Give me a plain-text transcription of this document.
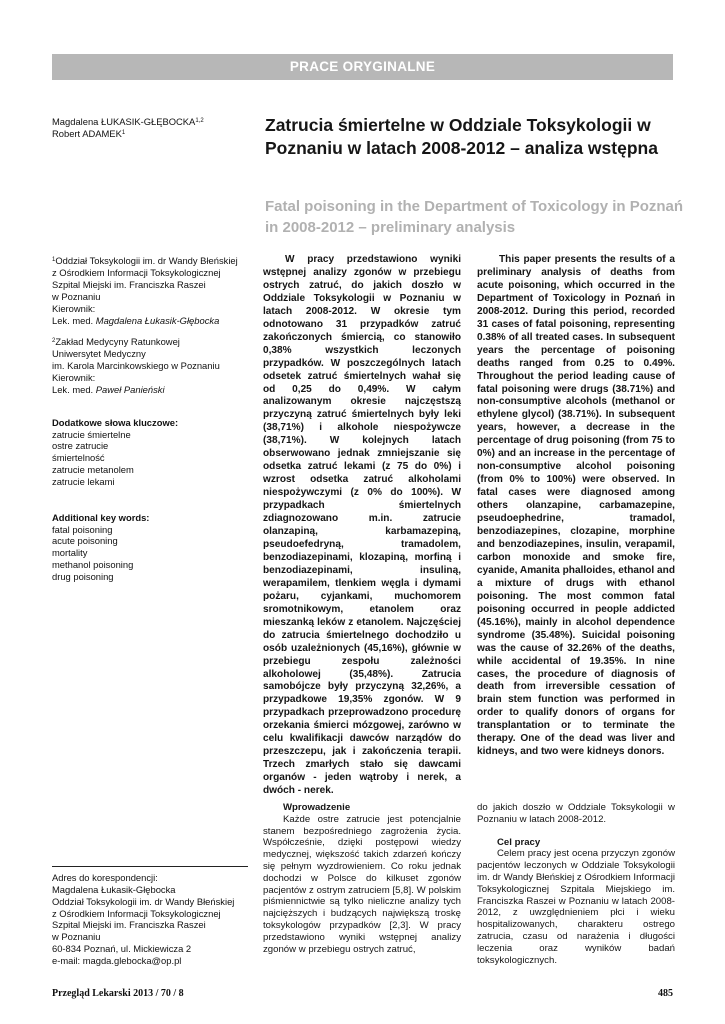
PRACE ORYGINALNE
Magdalena ŁUKASIK-GŁĘBOCKA$^{1,2}$
Robert ADAMEK$^1$	Zatrucia śmiertelne w Oddziale Toksykologii w Poznaniu w latach 2008-2012 – analiza wstępna
Fatal poisoning in the Department of Toxicology in Poznań in 2008-2012 – preliminary analysis
$^1$Oddział Toksykologii im. dr Wandy Błeńskiej
z Ośrodkiem Informacji Toksykologicznej
Szpital Miejski im. Franciszka Raszei
w Poznaniu
Kierownik:
Lek. med. Magdalena Łukasik-Głębocka
$^2$Zakład Medycyny Ratunkowej
Uniwersytet Medyczny
im. Karola Marcinkowskiego w Poznaniu
Kierownik:
Lek. med. Paweł Panieński
Dodatkowe słowa kluczowe:
zatrucie śmiertelne
ostre zatrucie
śmiertelność
zatrucie metanolem
zatrucie lekami
Additional key words:
fatal poisoning
acute poisoning
mortality
methanol poisoning
drug poisoning

W pracy przedstawiono wyniki wstępnej analizy zgonów w przebiegu ostrych zatruć, do jakich doszło w Oddziale Toksykologii w Poznaniu w latach 2008-2012. W okresie tym odnotowano 31 przypadków zatruć zakończonych śmiercią, co stanowiło 0,38% wszystkich leczonych przypadków. W poszczególnych latach odsetek zatruć śmiertelnych wahał się od 0,25 do 0,49%. W całym analizowanym okresie najczęstszą przyczyną zatruć śmiertelnych były leki (38,71%) i alkohole niespożywcze (38,71%). W kolejnych latach obserwowano jednak zmniejszanie się odsetka zatruć lekami (z 75 do 0%) i wzrost odsetka zatruć alkoholami niespożywczymi (z 0% do 100%). W przypadkach śmiertelnych zdiagnozowano m.in. zatrucie olanzapiną, karbamazepiną, pseudoefedryną, tramadolem, benzodiazepinami, klozapiną, morfiną i benzodiazepinami, insuliną, werapamilem, tlenkiem węgla i dymami pożaru, cyjankami, muchomorem sromotnikowym, etanolem oraz mieszanką leków z etanolem. Najczęściej do zatrucia śmiertelnego dochodziło u osób uzależnionych (45,16%), głównie w przebiegu zespołu zależności alkoholowej (35,48%). Zatrucia samobójcze były przyczyną 32,26%, a przypadkowe 19,35% zgonów. W 9 przypadkach przeprowadzono procedurę orzekania śmierci mózgowej, zarówno w celu kwalifikacji dawców narządów do przeszczepu, jak i zakończenia terapii. Trzech zmarłych stało się dawcami organów - jeden wątroby i nerek, a dwóch - nerek.

This paper presents the results of a preliminary analysis of deaths from acute poisoning, which occurred in the Department of Toxicology in Poznań in 2008-2012. During this period, recorded 31 cases of fatal poisoning, representing 0.38% of all treated cases. In subsequent years the percentage of poisoning deaths ranged from 0.25 to 0.49%. Throughout the period leading cause of fatal poisoning were drugs (38.71%) and non-consumptive alcohols (methanol or ethylene glycol) (38.71%). In subsequent years, however, a decrease in the percentage of drug poisoning (from 75 to 0%) and an increase in the percentage of non-consumptive alcohol poisoning (from 0% to 100%) were observed. In fatal cases were diagnosed among others olanzapine, carbamazepine, pseudoephedrine, tramadol, benzodiazepines, clozapine, morphine and benzodiazepines, insulin, verapamil, carbon monoxide and smoke fire, cyanide, Amanita phalloides, ethanol and a mixture of drugs with ethanol poisoning. The most common fatal poisoning occurred in people addicted (45.16%), mainly in alcohol dependence syndrome (35.48%). Suicidal poisoning was the cause of 32.26% of the deaths, while accidental of 19.35%. In nine cases, the procedure of diagnosis of death from irreversible cessation of brain stem function was performed in order to qualify donors of organs for transplantation or to terminate the therapy. One of the dead was liver and kidneys, and two were kidneys donors.

Adres do korespondencji:
Magdalena Łukasik-Głębocka
Oddział Toksykologii im. dr Wandy Błeńskiej
z Ośrodkiem Informacji Toksykologicznej
Szpital Miejski im. Franciszka Raszei
w Poznaniu
60-834 Poznań, ul. Mickiewicza 2
e-mail: magda.glebocka@op.pl
Wprowadzenie

Każde ostre zatrucie jest potencjalnie stanem bezpośredniego zagrożenia życia. Współcześnie, dzięki postępowi wiedzy medycznej, większość takich zdarzeń kończy się pełnym wyzdrowieniem. Co roku jednak dochodzi w Polsce do kilkuset zgonów pacjentów z ostrym zatruciem [5,8]. W polskim piśmiennictwie są tylko nieliczne analizy tych najcięższych i budzących największą troskę toksykologów przypadków [2,3]. W pracy przedstawiono wyniki wstępnej analizy zgonów w przebiegu ostrych zatruć,

do jakich doszło w Oddziale Toksykologii w Poznaniu w latach 2008-2012.

Cel pracy

Celem pracy jest ocena przyczyn zgonów pacjentów leczonych w Oddziale Toksykologii im. dr Wandy Błeńskiej z Ośrodkiem Informacji Toksykologicznej Szpitala Miejskiego im. Franciszka Raszei w Poznaniu w latach 2008-2012, z uwzględnieniem płci i wieku hospitalizowanych, charakteru ostrego zatrucia, czasu od narażenia i długości leczenia oraz wyników badań toksykologicznych.

Przegląd Lekarski 2013 / 70 / 8	485
